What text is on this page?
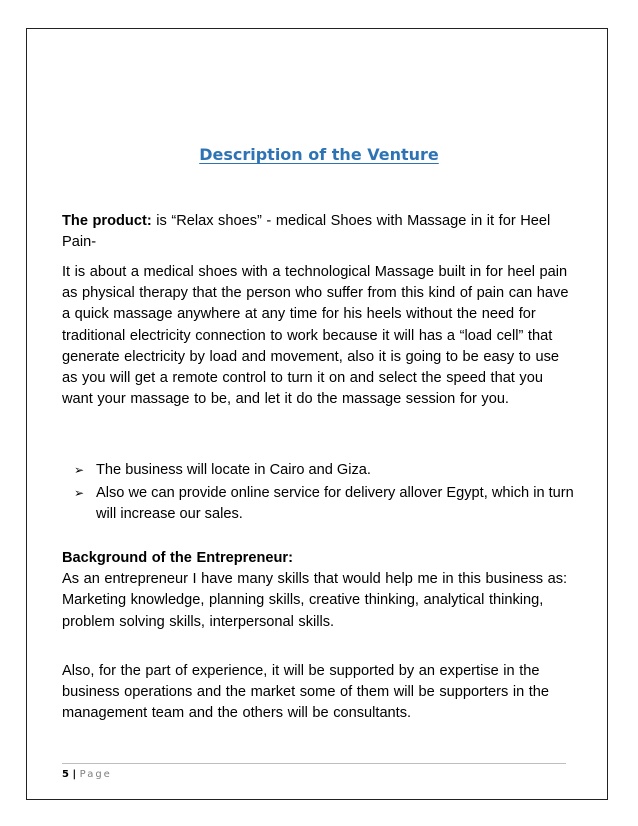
Description of the Venture

The product: is “Relax shoes” - medical Shoes with Massage in it for Heel Pain-

It is about a medical shoes with a technological Massage built in for heel pain as physical therapy that the person who suffer from this kind of pain can have a quick massage anywhere at any time for his heels without the need for traditional electricity connection to work because it will has a “load cell” that generate electricity by load and movement, also it is going to be easy to use as you will get a remote control to turn it on and select the speed that you want your massage to be, and let it do the massage session for you.

➢ The business will locate in Cairo and Giza.
➢ Also we can provide online service for delivery allover Egypt, which in turn will increase our sales.

Background of the Entrepreneur:

As an entrepreneur I have many skills that would help me in this business as: Marketing knowledge, planning skills, creative thinking, analytical thinking, problem solving skills, interpersonal skills.

Also, for the part of experience, it will be supported by an expertise in the business operations and the market some of them will be supporters in the management team and the others will be consultants.

5 | Page
